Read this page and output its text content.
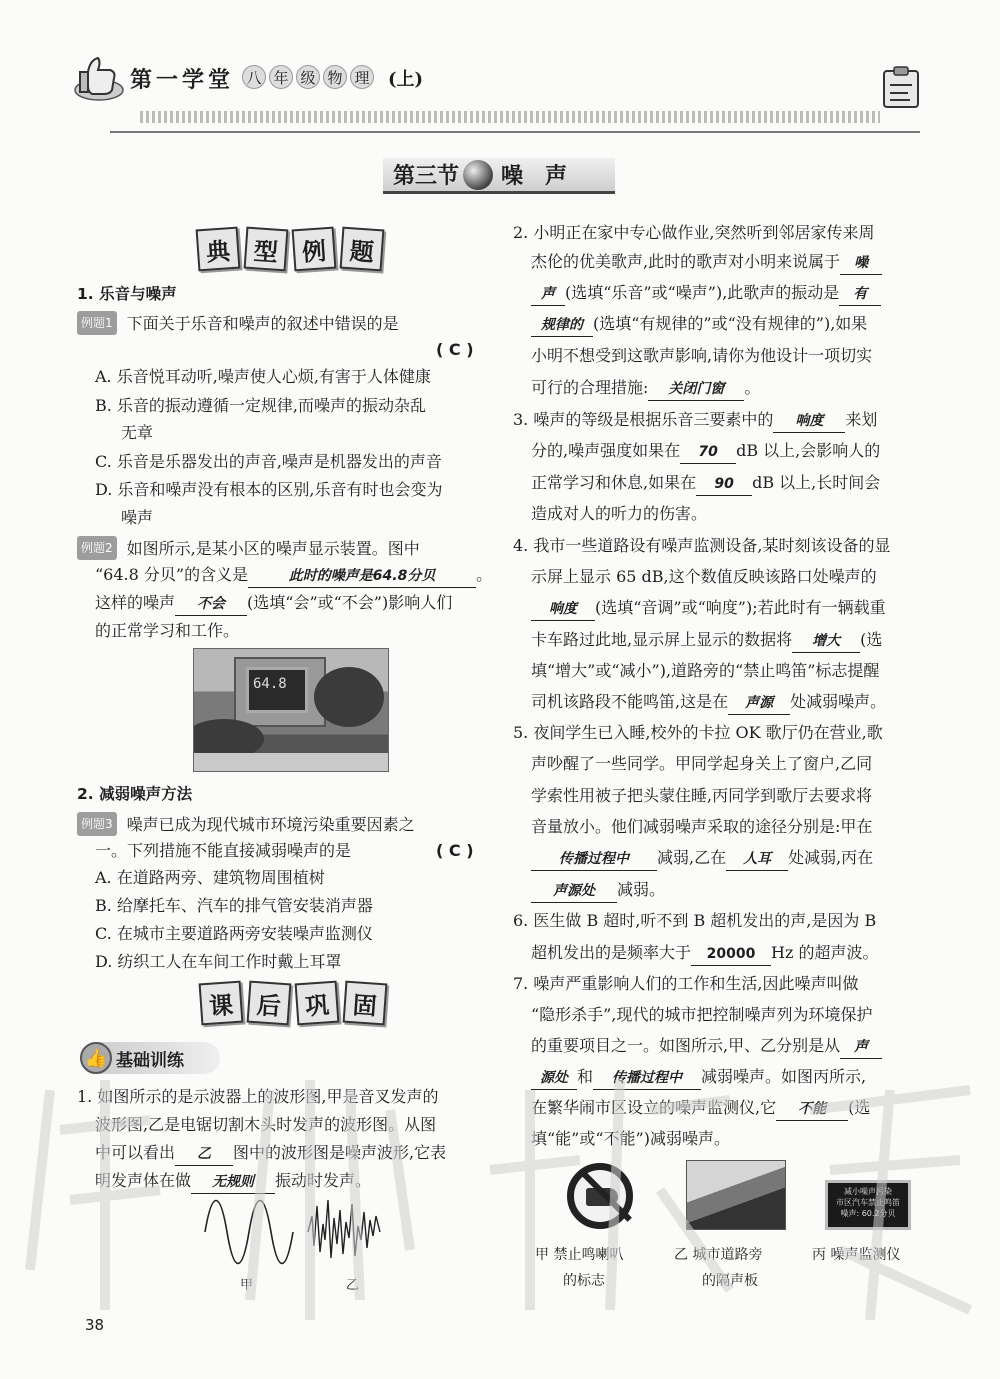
第一学堂 八 年 级 物 理 (上)
第三节 噪声
典 型 例 题
1. 乐音与噪声
例题1 下面关于乐音和噪声的叙述中错误的是
( C )
A. 乐音悦耳动听,噪声使人心烦,有害于人体健康
B. 乐音的振动遵循一定规律,而噪声的振动杂乱
无章
C. 乐音是乐器发出的声音,噪声是机器发出的声音
D. 乐音和噪声没有根本的区别,乐音有时也会变为
噪声
例题2 如图所示,是某小区的噪声显示装置。图中
“64.8 分贝”的含义是	此时的噪声是64.8分贝	。
这样的噪声 不会 (选填“会”或“不会”)影响人们
的正常学习和工作。
64.8
2. 减弱噪声方法
例题3 噪声已成为现代城市环境污染重要因素之
一。下列措施不能直接减弱噪声的是	( C )
A. 在道路两旁、建筑物周围植树
B. 给摩托车、汽车的排气管安装消声器
C. 在城市主要道路两旁安装噪声监测仪
D. 纺织工人在车间工作时戴上耳罩
课 后 巩 固
👍 基础训练
1. 如图所示的是示波器上的波形图,甲是音叉发声的
波形图,乙是电锯切割木头时发声的波形图。从图
中可以看出 乙 图中的波形图是噪声波形,它表
明发声体在做 无规则 振动时发声。
甲	乙
38
2. 小明正在家中专心做作业,突然听到邻居家传来周
杰伦的优美歌声,此时的歌声对小明来说属于 噪
声 (选填“乐音”或“噪声”),此歌声的振动是 有
规律的 (选填“有规律的”或“没有规律的”),如果
小明不想受到这歌声影响,请你为他设计一项切实
可行的合理措施: 关闭门窗 。
3. 噪声的等级是根据乐音三要素中的 响度 来划
分的,噪声强度如果在 70 dB 以上,会影响人的
正常学习和休息,如果在 90 dB 以上,长时间会
造成对人的听力的伤害。
4. 我市一些道路设有噪声监测设备,某时刻该设备的显
示屏上显示 65 dB,这个数值反映该路口处噪声的
响度 (选填“音调”或“响度”);若此时有一辆载重
卡车路过此地,显示屏上显示的数据将 增大 (选
填“增大”或“减小”),道路旁的“禁止鸣笛”标志提醒
司机该路段不能鸣笛,这是在 声源 处减弱噪声。
5. 夜间学生已入睡,校外的卡拉 OK 歌厅仍在营业,歌
声吵醒了一些同学。甲同学起身关上了窗户,乙同
学索性用被子把头蒙住睡,丙同学到歌厅去要求将
音量放小。他们减弱噪声采取的途径分别是:甲在
传播过程中 减弱,乙在 人耳 处减弱,丙在
声源处 减弱。
6. 医生做 B 超时,听不到 B 超机发出的声,是因为 B
超机发出的是频率大于 20000 Hz 的超声波。
7. 噪声严重影响人们的工作和生活,因此噪声叫做
“隐形杀手”,现代的城市把控制噪声列为环境保护
的重要项目之一。如图所示,甲、乙分别是从 声
源处 和 传播过程中 减弱噪声。如图丙所示,
在繁华闹市区设立的噪声监测仪,它 不能 (选
填“能”或“不能”)减弱噪声。
减小噪声污染
市区汽车禁止鸣笛
噪声: 60.2分贝
甲 禁止鸣喇叭
的标志
乙 城市道路旁
的隔声板
丙 噪声监测仪
